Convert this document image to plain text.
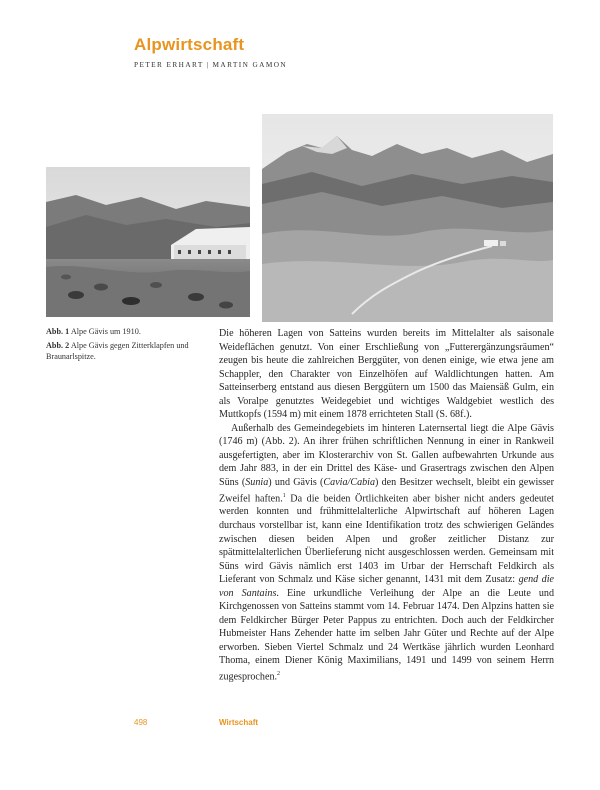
Alpwirtschaft
PETER ERHART | MARTIN GAMON

Abb. 1 Alpe Gävis um 1910.

Abb. 2 Alpe Gävis gegen Zitterklapfen und Braunarlspitze.

Die höheren Lagen von Satteins wurden bereits im Mittelalter als saisonale Weideflächen genutzt. Von einer Erschließung von „Futterergänzungsräumen“ zeugen bis heute die zahlreichen Berggüter, von denen einige, wie etwa jene am Schappler, den Charakter von Einzelhöfen auf Waldlichtungen hatten. Am Satteinserberg entstand aus diesen Berggütern um 1500 das Maiensäß Gulm, ein als Voralpe genutztes Weidegebiet und wichtiges Waldgebiet westlich des Muttkopfs (1594 m) mit einem 1878 errichteten Stall (S. 68f.).

Außerhalb des Gemeindegebiets im hinteren Laternsertal liegt die Alpe Gävis (1746 m) (Abb. 2). An ihrer frühen schriftlichen Nennung in einer in Rankweil ausgefertigten, aber im Klosterarchiv von St. Gallen aufbewahrten Urkunde aus dem Jahr 883, in der ein Drittel des Käse- und Grasertrags zwischen den Alpen Süns (Sunia) und Gävis (Cavia/Cabia) den Besitzer wechselt, bleibt ein gewisser Zweifel haften.$^1$ Da die beiden Örtlichkeiten aber bisher nicht anders gedeutet werden konnten und frühmittelalterliche Alpwirtschaft auf höheren Lagen durchaus vorstellbar ist, kann eine Identifikation trotz des schwierigen Geländes zwischen diesen beiden Alpen und großer zeitlicher Distanz zur spätmittelalterlichen Überlieferung nicht ausgeschlossen werden. Gemeinsam mit Süns wird Gävis nämlich erst 1403 im Urbar der Herrschaft Feldkirch als Lieferant von Schmalz und Käse sicher genannt, 1431 mit dem Zusatz: gend die von Santains. Eine urkundliche Verleihung der Alpe an die Leute und Kirchgenossen von Satteins stammt vom 14. Februar 1474. Den Alpzins hatten sie dem Feldkircher Bürger Peter Pappus zu entrichten. Doch auch der Feldkircher Hubmeister Hans Zehender hatte im selben Jahr Güter und Rechte auf der Alpe erworben. Sieben Viertel Schmalz und 24 Wertkäse jährlich wurden Leonhard Thoma, einem Diener König Maximilians, 1491 und 1499 von seinem Herrn zugesprochen.$^2$

498	Wirtschaft
